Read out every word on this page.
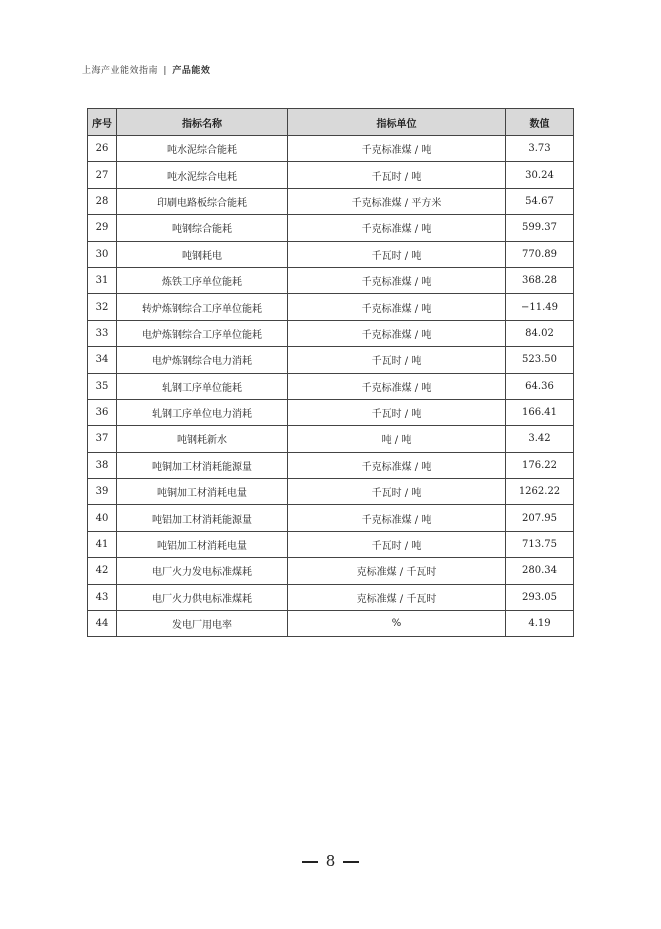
上海产业能效指南 | 产品能效
序号	指标名称	指标单位	数值
26	吨水泥综合能耗	千克标准煤 / 吨	3.73
27	吨水泥综合电耗	千瓦时 / 吨	30.24
28	印刷电路板综合能耗	千克标准煤 / 平方米	54.67
29	吨钢综合能耗	千克标准煤 / 吨	599.37
30	吨钢耗电	千瓦时 / 吨	770.89
31	炼铁工序单位能耗	千克标准煤 / 吨	368.28
32	转炉炼钢综合工序单位能耗	千克标准煤 / 吨	−11.49
33	电炉炼钢综合工序单位能耗	千克标准煤 / 吨	84.02
34	电炉炼钢综合电力消耗	千瓦时 / 吨	523.50
35	轧钢工序单位能耗	千克标准煤 / 吨	64.36
36	轧钢工序单位电力消耗	千瓦时 / 吨	166.41
37	吨钢耗新水	吨 / 吨	3.42
38	吨铜加工材消耗能源量	千克标准煤 / 吨	176.22
39	吨铜加工材消耗电量	千瓦时 / 吨	1262.22
40	吨铝加工材消耗能源量	千克标准煤 / 吨	207.95
41	吨铝加工材消耗电量	千瓦时 / 吨	713.75
42	电厂火力发电标准煤耗	克标准煤 / 千瓦时	280.34
43	电厂火力供电标准煤耗	克标准煤 / 千瓦时	293.05
44	发电厂用电率	%	4.19
8
